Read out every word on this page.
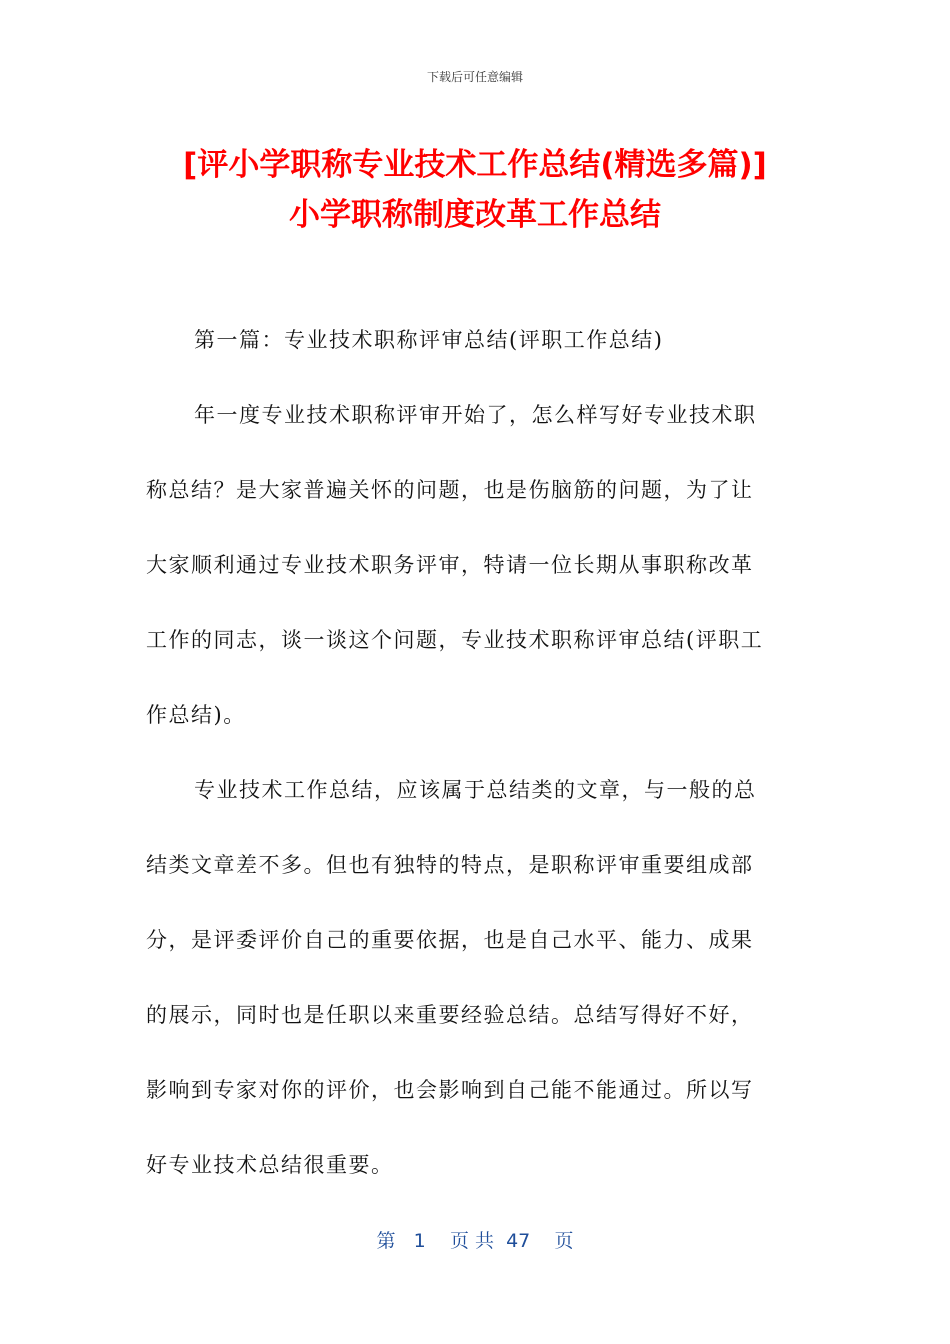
下载后可任意编辑
[评小学职称专业技术工作总结(精选多篇)]
小学职称制度改革工作总结
第一篇：专业技术职称评审总结(评职工作总结)
年一度专业技术职称评审开始了，怎么样写好专业技术职
称总结？是大家普遍关怀的问题，也是伤脑筋的问题，为了让
大家顺利通过专业技术职务评审，特请一位长期从事职称改革
工作的同志，谈一谈这个问题，专业技术职称评审总结(评职工
作总结)。
专业技术工作总结，应该属于总结类的文章，与一般的总
结类文章差不多。但也有独特的特点，是职称评审重要组成部
分，是评委评价自己的重要依据，也是自己水平、能力、成果
的展示，同时也是任职以来重要经验总结。总结写得好不好，
影响到专家对你的评价，也会影响到自己能不能通过。所以写
好专业技术总结很重要。
第 1 页 共 47 页
